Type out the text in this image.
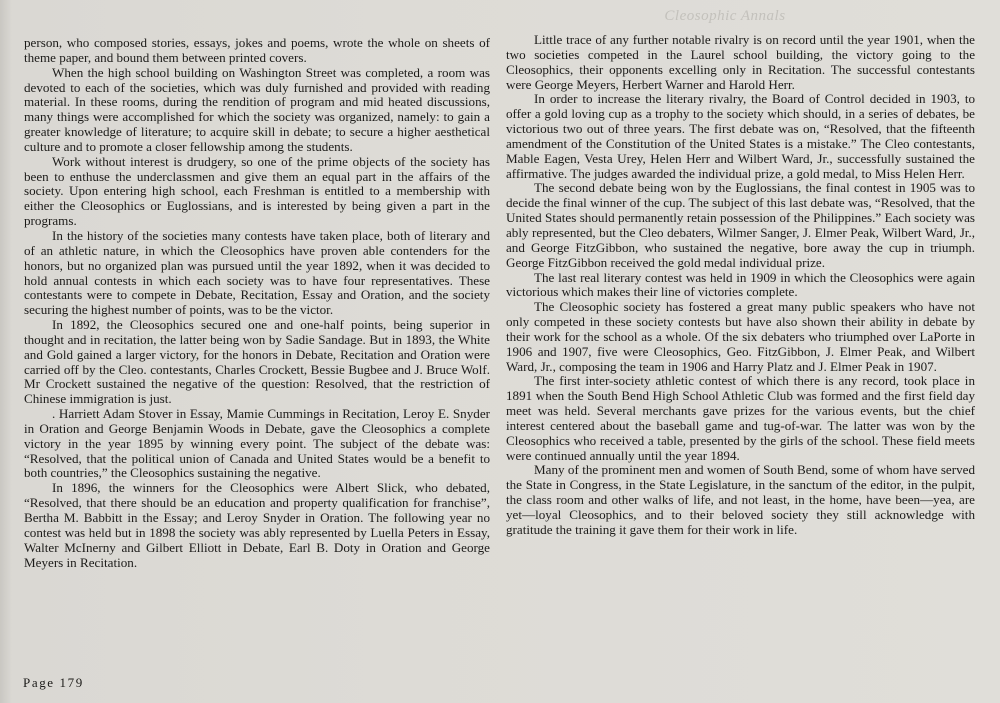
Cleosophic Annals

person, who composed stories, essays, jokes and poems, wrote the whole on sheets of theme paper, and bound them between printed covers.

When the high school building on Washington Street was completed, a room was devoted to each of the societies, which was duly furnished and provided with reading material. In these rooms, during the rendition of program and mid heated discussions, many things were accomplished for which the society was organized, namely: to gain a greater knowledge of literature; to acquire skill in debate; to secure a higher aesthetical culture and to promote a closer fellowship among the students.

Work without interest is drudgery, so one of the prime objects of the society has been to enthuse the underclassmen and give them an equal part in the affairs of the society. Upon entering high school, each Freshman is entitled to a membership with either the Cleosophics or Euglossians, and is interested by being given a part in the programs.

In the history of the societies many contests have taken place, both of literary and of an athletic nature, in which the Cleosophics have proven able contenders for the honors, but no organized plan was pursued until the year 1892, when it was decided to hold annual contests in which each society was to have four representatives. These contestants were to compete in Debate, Recitation, Essay and Oration, and the society securing the highest number of points, was to be the victor.

In 1892, the Cleosophics secured one and one-half points, being superior in thought and in recitation, the latter being won by Sadie Sandage. But in 1893, the White and Gold gained a larger victory, for the honors in Debate, Recitation and Oration were carried off by the Cleo. contestants, Charles Crockett, Bessie Bugbee and J. Bruce Wolf. Mr Crockett sustained the negative of the question: Resolved, that the restriction of Chinese immigration is just.

. Harriett Adam Stover in Essay, Mamie Cummings in Recitation, Leroy E. Snyder in Oration and George Benjamin Woods in Debate, gave the Cleosophics a complete victory in the year 1895 by winning every point. The subject of the debate was: “Resolved, that the political union of Canada and United States would be a benefit to both countries,” the Cleosophics sustaining the negative.

In 1896, the winners for the Cleosophics were Albert Slick, who debated, “Resolved, that there should be an education and property qualification for franchise”, Bertha M. Babbitt in the Essay; and Leroy Snyder in Oration. The following year no contest was held but in 1898 the society was ably represented by Luella Peters in Essay, Walter McInerny and Gilbert Elliott in Debate, Earl B. Doty in Oration and George Meyers in Recitation.

Little trace of any further notable rivalry is on record until the year 1901, when the two societies competed in the Laurel school building, the victory going to the Cleosophics, their opponents excelling only in Recitation. The successful contestants were George Meyers, Herbert Warner and Harold Herr.

In order to increase the literary rivalry, the Board of Control decided in 1903, to offer a gold loving cup as a trophy to the society which should, in a series of debates, be victorious two out of three years. The first debate was on, “Resolved, that the fifteenth amendment of the Constitution of the United States is a mistake.” The Cleo contestants, Mable Eagen, Vesta Urey, Helen Herr and Wilbert Ward, Jr., successfully sustained the affirmative. The judges awarded the individual prize, a gold medal, to Miss Helen Herr.

The second debate being won by the Euglossians, the final contest in 1905 was to decide the final winner of the cup. The subject of this last debate was, “Resolved, that the United States should permanently retain possession of the Philippines.” Each society was ably represented, but the Cleo debaters, Wilmer Sanger, J. Elmer Peak, Wilbert Ward, Jr., and George FitzGibbon, who sustained the negative, bore away the cup in triumph. George FitzGibbon received the gold medal individual prize.

The last real literary contest was held in 1909 in which the Cleosophics were again victorious which makes their line of victories complete.

The Cleosophic society has fostered a great many public speakers who have not only competed in these society contests but have also shown their ability in debate by their work for the school as a whole. Of the six debaters who triumphed over LaPorte in 1906 and 1907, five were Cleosophics, Geo. FitzGibbon, J. Elmer Peak, and Wilbert Ward, Jr., composing the team in 1906 and Harry Platz and J. Elmer Peak in 1907.

The first inter-society athletic contest of which there is any record, took place in 1891 when the South Bend High School Athletic Club was formed and the first field day meet was held. Several merchants gave prizes for the various events, but the chief interest centered about the baseball game and tug-of-war. The latter was won by the Cleosophics who received a table, presented by the girls of the school. These field meets were continued annually until the year 1894.

Many of the prominent men and women of South Bend, some of whom have served the State in Congress, in the State Legislature, in the sanctum of the editor, in the pulpit, the class room and other walks of life, and not least, in the home, have been—yea, are yet—loyal Cleosophics, and to their beloved society they still acknowledge with gratitude the training it gave them for their work in life.

Page 179
